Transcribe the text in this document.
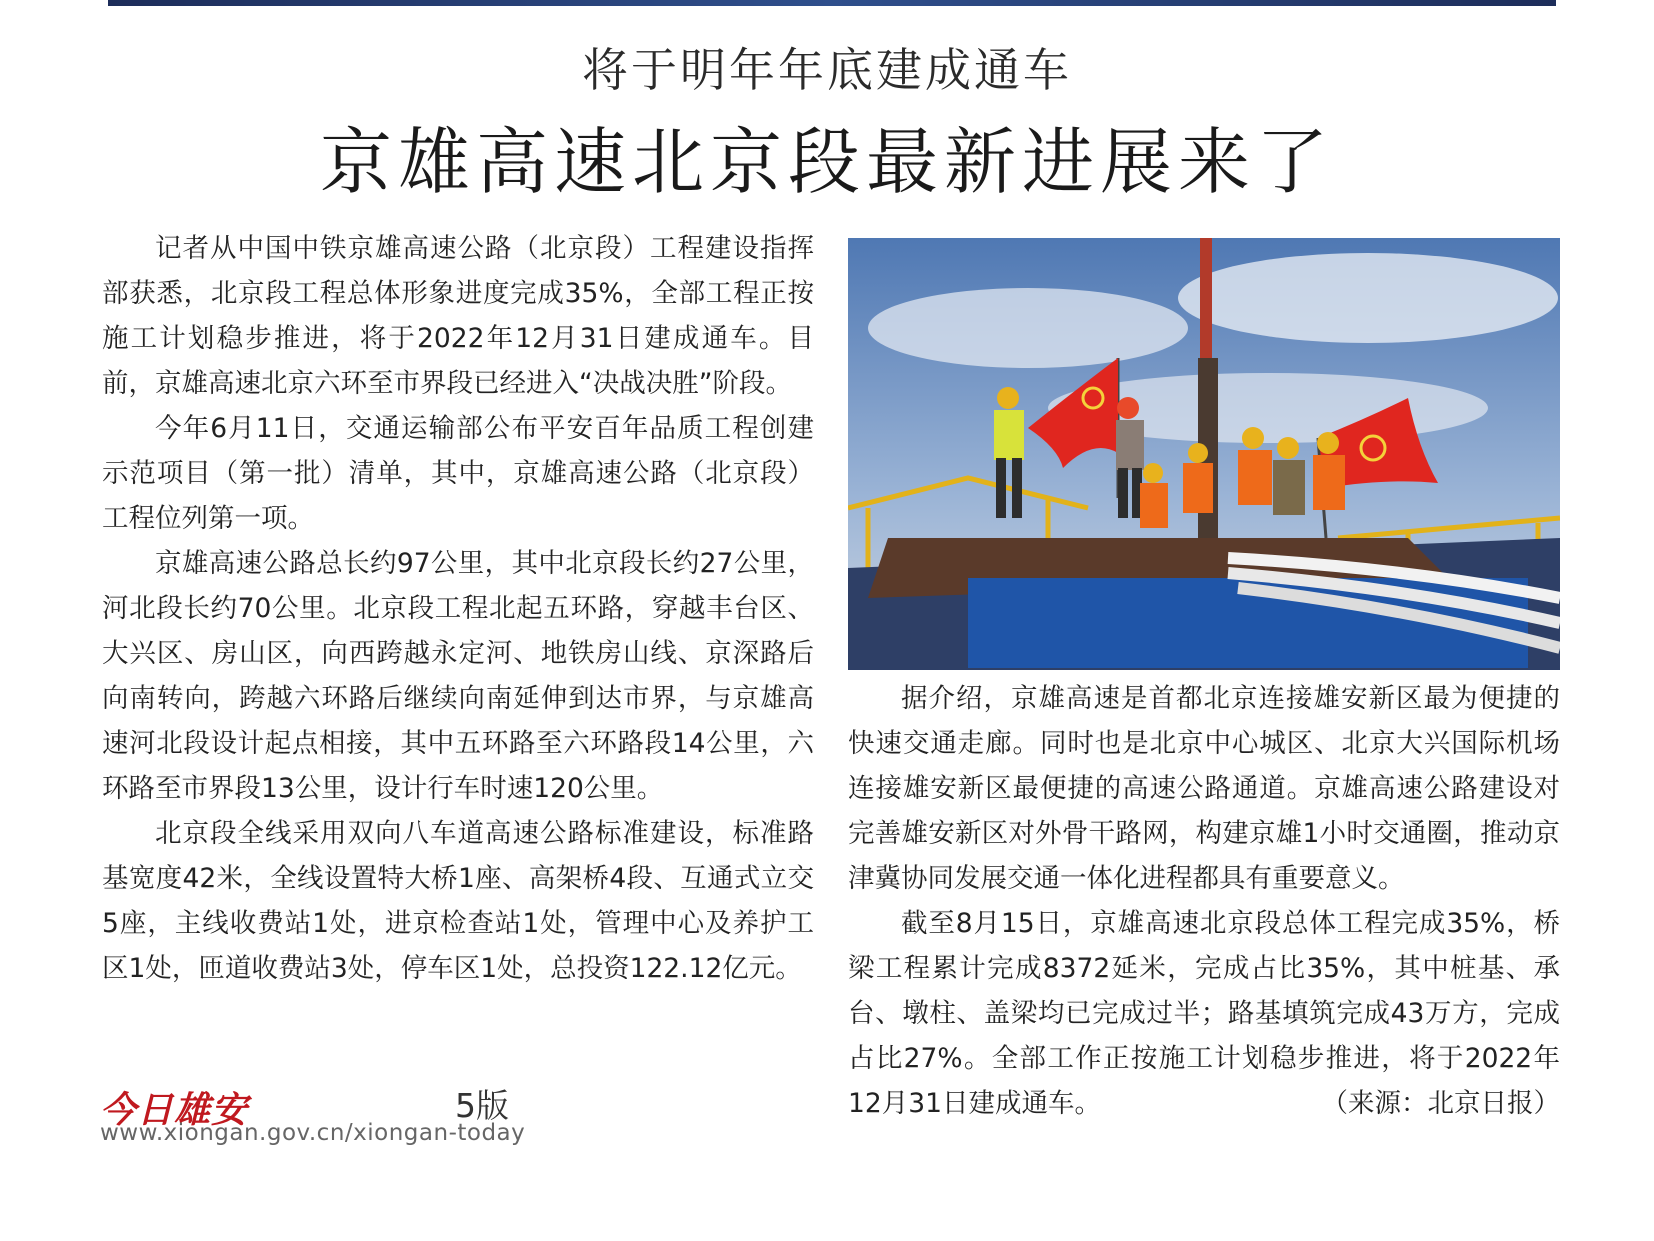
将于明年年底建成通车
京雄高速北京段最新进展来了

记者从中国中铁京雄高速公路（北京段）工程建设指挥部获悉，北京段工程总体形象进度完成35%，全部工程正按施工计划稳步推进，将于2022年12月31日建成通车。目前，京雄高速北京六环至市界段已经进入“决战决胜”阶段。

今年6月11日，交通运输部公布平安百年品质工程创建示范项目（第一批）清单，其中，京雄高速公路（北京段）工程位列第一项。

京雄高速公路总长约97公里，其中北京段长约27公里，河北段长约70公里。北京段工程北起五环路，穿越丰台区、大兴区、房山区，向西跨越永定河、地铁房山线、京深路后向南转向，跨越六环路后继续向南延伸到达市界，与京雄高速河北段设计起点相接，其中五环路至六环路段14公里，六环路至市界段13公里，设计行车时速120公里。

北京段全线采用双向八车道高速公路标准建设，标准路基宽度42米，全线设置特大桥1座、高架桥4段、互通式立交5座，主线收费站1处，进京检查站1处，管理中心及养护工区1处，匝道收费站3处，停车区1处，总投资122.12亿元。

据介绍，京雄高速是首都北京连接雄安新区最为便捷的快速交通走廊。同时也是北京中心城区、北京大兴国际机场连接雄安新区最便捷的高速公路通道。京雄高速公路建设对完善雄安新区对外骨干路网，构建京雄1小时交通圈，推动京津冀协同发展交通一体化进程都具有重要意义。

截至8月15日，京雄高速北京段总体工程完成35%，桥梁工程累计完成8372延米，完成占比35%，其中桩基、承台、墩柱、盖梁均已完成过半；路基填筑完成43万方，完成占比27%。全部工作正按施工计划稳步推进，将于2022年12月31日建成通车。	（来源：北京日报）

今日雄安	5版
www.xiongan.gov.cn/xiongan-today
